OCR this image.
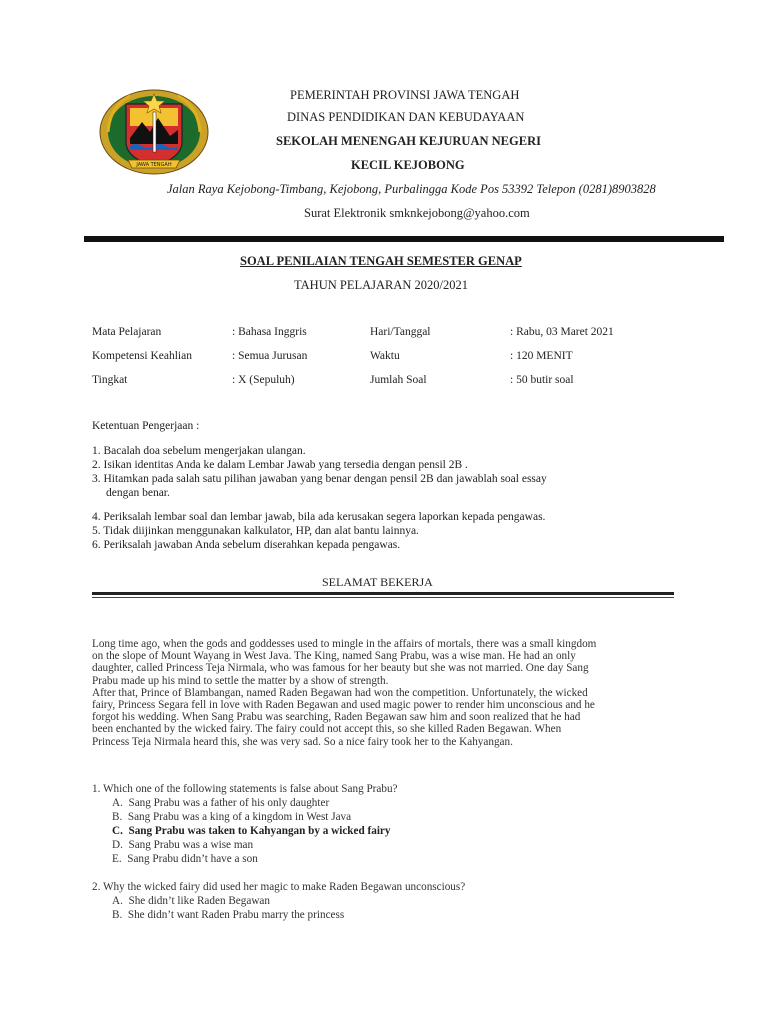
JAWA TENGAH
PEMERINTAH PROVINSI JAWA TENGAH
DINAS PENDIDIKAN DAN KEBUDAYAAN
SEKOLAH MENENGAH KEJURUAN NEGERI
KECIL KEJOBONG
Jalan Raya Kejobong-Timbang, Kejobong, Purbalingga Kode Pos 53392 Telepon (0281)8903828
Surat Elektronik smknkejobong@yahoo.com
SOAL PENILAIAN TENGAH SEMESTER GENAP
TAHUN PELAJARAN 2020/2021
Mata Pelajaran	: Bahasa Inggris	Hari/Tanggal	: Rabu, 03 Maret 2021
Kompetensi Keahlian	: Semua Jurusan	Waktu	: 120 MENIT
Tingkat	: X (Sepuluh)	Jumlah Soal	: 50 butir soal
Ketentuan Pengerjaan :
1. Bacalah doa sebelum mengerjakan ulangan.
2. Isikan identitas Anda ke dalam Lembar Jawab yang tersedia dengan pensil 2B .
3. Hitamkan pada salah satu pilihan jawaban yang benar dengan pensil 2B dan jawablah soal essay
dengan benar.
4. Periksalah lembar soal dan lembar jawab, bila ada kerusakan segera laporkan kepada pengawas.
5. Tidak diijinkan menggunakan kalkulator, HP, dan alat bantu lainnya.
6. Periksalah jawaban Anda sebelum diserahkan kepada pengawas.
SELAMAT BEKERJA
Long time ago, when the gods and goddesses used to mingle in the affairs of mortals, there was a small kingdom
on the slope of Mount Wayang in West Java. The King, named Sang Prabu, was a wise man. He had an only
daughter, called Princess Teja Nirmala, who was famous for her beauty but she was not married. One day Sang
Prabu made up his mind to settle the matter by a show of strength.
After that, Prince of Blambangan, named Raden Begawan had won the competition. Unfortunately, the wicked
fairy, Princess Segara fell in love with Raden Begawan and used magic power to render him unconscious and he
forgot his wedding. When Sang Prabu was searching, Raden Begawan saw him and soon realized that he had
been enchanted by the wicked fairy. The fairy could not accept this, so she killed Raden Begawan. When
Princess Teja Nirmala heard this, she was very sad. So a nice fairy took her to the Kahyangan.
1. Which one of the following statements is false about Sang Prabu?
A. Sang Prabu was a father of his only daughter
B. Sang Prabu was a king of a kingdom in West Java
C. Sang Prabu was taken to Kahyangan by a wicked fairy
D. Sang Prabu was a wise man
E. Sang Prabu didn’t have a son
2. Why the wicked fairy did used her magic to make Raden Begawan unconscious?
A. She didn’t like Raden Begawan
B. She didn’t want Raden Prabu marry the princess
